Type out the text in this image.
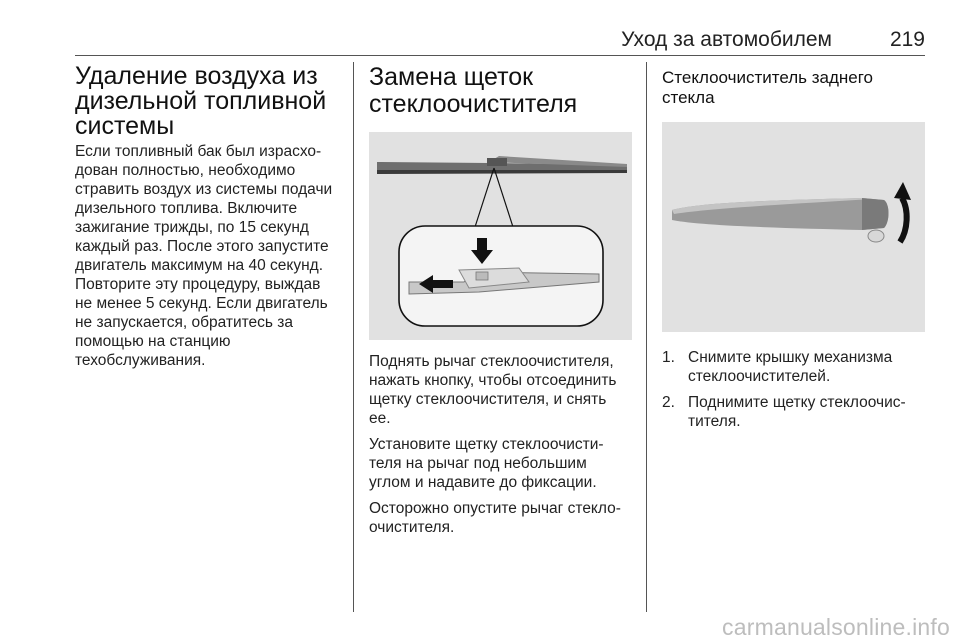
Уход за автомобилем	219
Удаление воздуха из
дизельной топливной
системы

Если топливный бак был израсхо-
дован полностью, необходимо
стравить воздух из системы подачи
дизельного топлива. Включите
зажигание трижды, по 15 секунд
каждый раз. После этого запустите
двигатель максимум на 40 секунд.
Повторите эту процедуру, выждав
не менее 5 секунд. Если двигатель
не запускается, обратитесь за
помощью на станцию
техобслуживания.

Замена щеток
стеклоочистителя

Поднять рычаг стеклоочистителя,
нажать кнопку, чтобы отсоединить
щетку стеклоочистителя, и снять
ее.

Установите щетку стеклоочисти-
теля на рычаг под небольшим
углом и надавите до фиксации.

Осторожно опустите рычаг стекло-
очистителя.

Стеклоочиститель заднего
стекла
1. Снимите крышку механизма
стеклоочистителей.
2. Поднимите щетку стеклоочис-
тителя.
carmanualsonline.info
